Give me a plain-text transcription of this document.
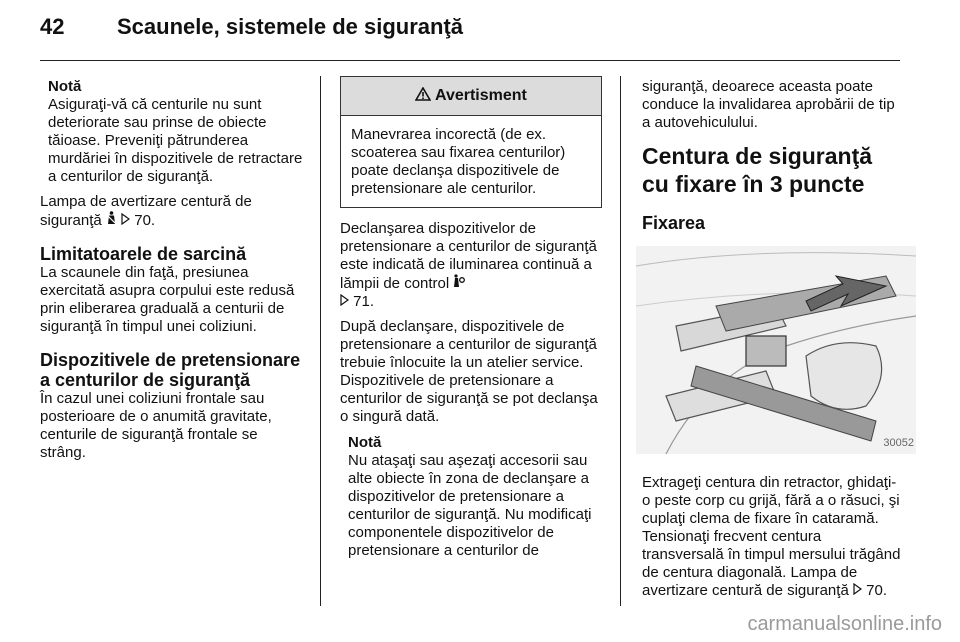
42 Scaunele, sistemele de siguranţă
Notă
Asiguraţi-vă că centurile nu sunt deteriorate sau prinse de obiecte tăioase. Preveniţi pătrunderea murdăriei în dispozitivele de retractare a centurilor de siguranţă.
Lampa de avertizare centură de siguranţă 70.
Limitatoarele de sarcină
La scaunele din faţă, presiunea exercitată asupra corpului este redusă prin eliberarea graduală a centurii de siguranţă în timpul unei coliziuni.
Dispozitivele de pretensionare a centurilor de siguranţă
În cazul unei coliziuni frontale sau posterioare de o anumită gravitate, centurile de siguranţă frontale se strâng.
Avertisment
Manevrarea incorectă (de ex. scoaterea sau fixarea centurilor) poate declanşa dispozitivele de pretensionare ale centurilor.
Declanşarea dispozitivelor de pretensionare a centurilor de siguranţă este indicată de iluminarea continuă a lămpii de control
71.
După declanşare, dispozitivele de pretensionare a centurilor de siguranţă trebuie înlocuite la un atelier service. Dispozitivele de pretensionare a centurilor de siguranţă se pot declanşa o singură dată.
Notă
Nu ataşaţi sau aşezaţi accesorii sau alte obiecte în zona de declanşare a dispozitivelor de pretensionare a centurilor de siguranţă. Nu modificaţi componentele dispozitivelor de pretensionare a centurilor de
siguranţă, deoarece aceasta poate conduce la invalidarea aprobării de tip a autovehiculului.
Centura de siguranţă cu fixare în 3 puncte
Fixarea
30052
Extrageţi centura din retractor, ghidaţi-o peste corp cu grijă, fără a o răsuci, şi cuplaţi clema de fixare în cataramă. Tensionaţi frecvent centura transversală în timpul mersului trăgând de centura diagonală. Lampa de avertizare centură de siguranţă 70.
carmanualsonline.info
